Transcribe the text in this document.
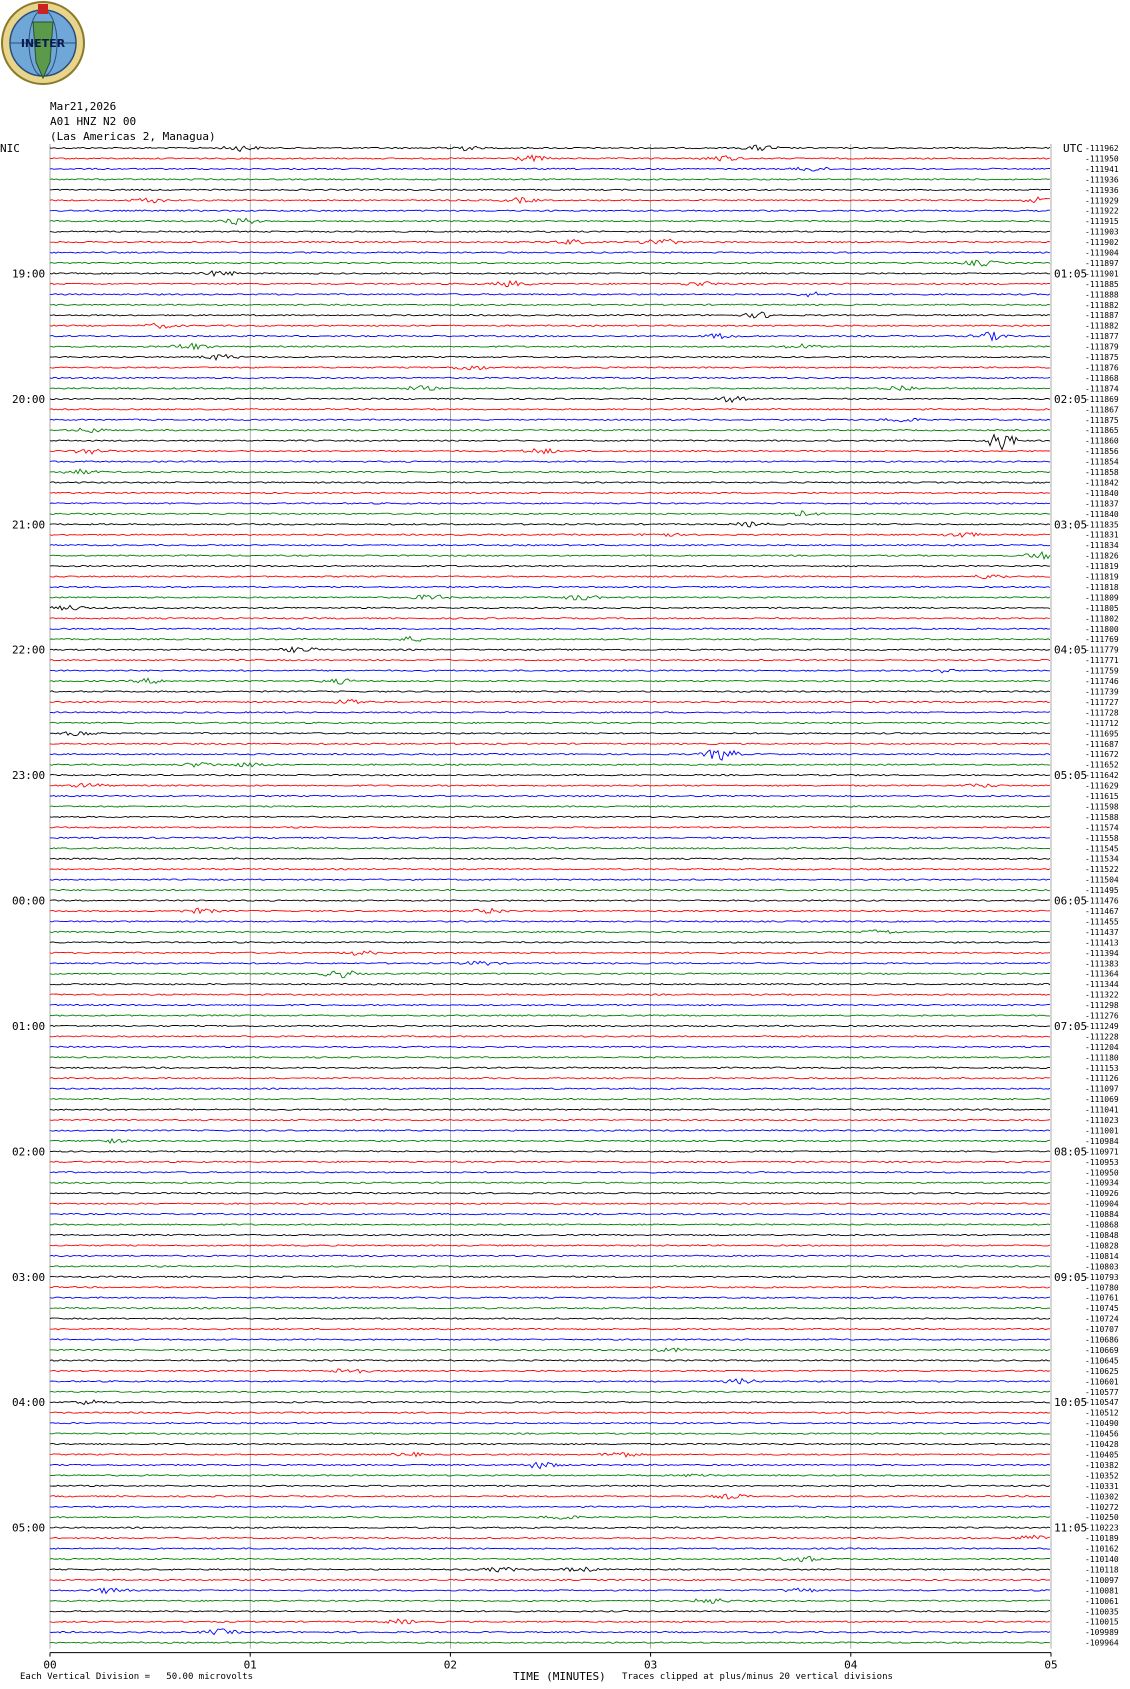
INETER
Mar21,2026
A01 HNZ N2 00
(Las Americas 2, Managua)
-111962
-111950
-111941
-111936
-111936
-111929
-111922
-111915
-111903
-111902
-111904
-111897
-111901
-111885
-111888
-111882
-111887
-111882
-111877
-111879
-111875
-111876
-111868
-111874
-111869
-111867
-111875
-111865
-111860
-111856
-111854
-111858
-111842
-111840
-111837
-111840
-111835
-111831
-111834
-111826
-111819
-111819
-111818
-111809
-111805
-111802
-111800
-111769
-111779
-111771
-111759
-111746
-111739
-111727
-111728
-111712
-111695
-111687
-111672
-111652
-111642
-111629
-111615
-111598
-111588
-111574
-111558
-111545
-111534
-111522
-111504
-111495
-111476
-111467
-111455
-111437
-111413
-111394
-111383
-111364
-111344
-111322
-111298
-111276
-111249
-111228
-111204
-111180
-111153
-111126
-111097
-111069
-111041
-111023
-111001
-110984
-110971
-110953
-110950
-110934
-110926
-110904
-110884
-110868
-110848
-110828
-110814
-110803
-110793
-110780
-110761
-110745
-110724
-110707
-110686
-110669
-110645
-110625
-110601
-110577
-110547
-110512
-110490
-110456
-110428
-110405
-110382
-110352
-110331
-110302
-110272
-110250
-110223
-110189
-110162
-110140
-110118
-110097
-110081
-110061
-110035
-110015
-109989
-109964
NIC	UTC
19:00
20:00
21:00
22:00
23:00
00:00
01:00
02:00
03:00
04:00
05:00
01:05
02:05
03:05
04:05
05:05
06:05
07:05
08:05
09:05
10:05
11:05
00	01	02	03	04	05
Each Vertical Division =   50.00 microvolts	TIME (MINUTES) Traces clipped at plus/minus 20 vertical divisions
